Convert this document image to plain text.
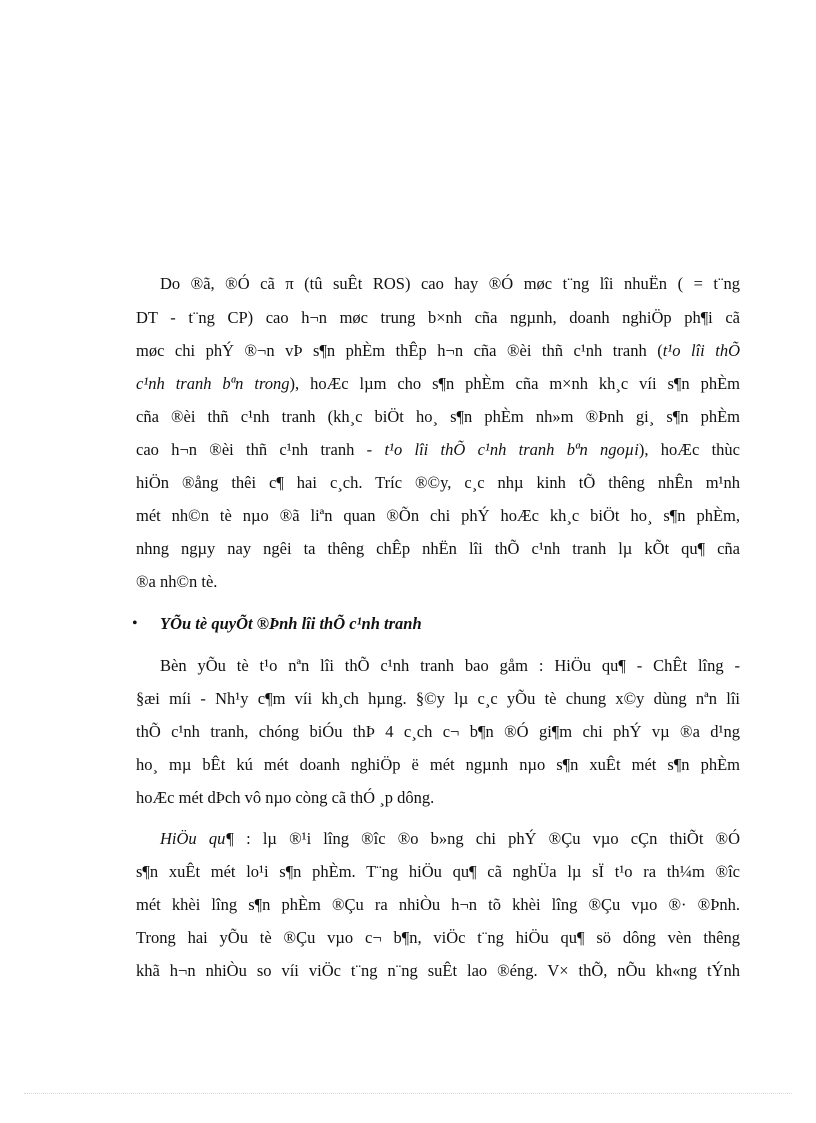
Do ®ã, ®Ó cã π (tû suÊt ROS) cao hay ®Ó møc t¨ng lîi nhuËn ( = t¨ng
DT - t¨ng CP) cao h¬n møc trung b×nh cña ngµnh, doanh nghiÖp ph¶i cã
møc chi phÝ ®¬n vÞ s¶n phÈm thÊp h¬n cña ®èi thñ c¹nh tranh (t¹o lîi thÕ
c¹nh tranh bªn trong), hoÆc lµm cho s¶n phÈm cña m×nh kh¸c víi s¶n phÈm
cña ®èi thñ c¹nh tranh (kh¸c biÖt ho¸ s¶n phÈm nh»m ®Þnh gi¸ s¶n phÈm
cao h¬n ®èi thñ c¹nh tranh - t¹o lîi thÕ c¹nh tranh bªn ngoµi), hoÆc thùc
hiÖn ®ång thêi c¶ hai c¸ch. Tríc ®©y, c¸c nhµ kinh tÕ thêng nhÊn m¹nh
mét nh©n tè nµo ®ã liªn quan ®Õn chi phÝ hoÆc kh¸c biÖt ho¸ s¶n phÈm,
nhng ngµy nay ngêi ta thêng chÊp nhËn lîi thÕ c¹nh tranh lµ kÕt qu¶ cña
®a nh©n tè.
• YÕu tè quyÕt ®Þnh lîi thÕ c¹nh tranh
Bèn yÕu tè t¹o nªn lîi thÕ c¹nh tranh bao gåm : HiÖu qu¶ - ChÊt lîng -
§æi míi - Nh¹y c¶m víi kh¸ch hµng. §©y lµ c¸c yÕu tè chung x©y dùng nªn lîi
thÕ c¹nh tranh, chóng biÓu thÞ 4 c¸ch c¬ b¶n ®Ó gi¶m chi phÝ vµ ®a d¹ng
ho¸ mµ bÊt kú mét doanh nghiÖp ë mét ngµnh nµo s¶n xuÊt mét s¶n phÈm
hoÆc mét dÞch vô nµo còng cã thÓ ¸p dông.
HiÖu qu¶ : lµ ®¹i lîng ®îc ®o b»ng chi phÝ ®Çu vµo cÇn thiÕt ®Ó
s¶n xuÊt mét lo¹i s¶n phÈm. T¨ng hiÖu qu¶ cã nghÜa lµ sÏ t¹o ra th¼m ®îc
mét khèi lîng s¶n phÈm ®Çu ra nhiÒu h¬n tõ khèi lîng ®Çu vµo ®· ®Þnh.
Trong hai yÕu tè ®Çu vµo c¬ b¶n, viÖc t¨ng hiÖu qu¶ sö dông vèn thêng
khã h¬n nhiÒu so víi viÖc t¨ng n¨ng suÊt lao ®éng. V× thÕ, nÕu kh«ng tÝnh
